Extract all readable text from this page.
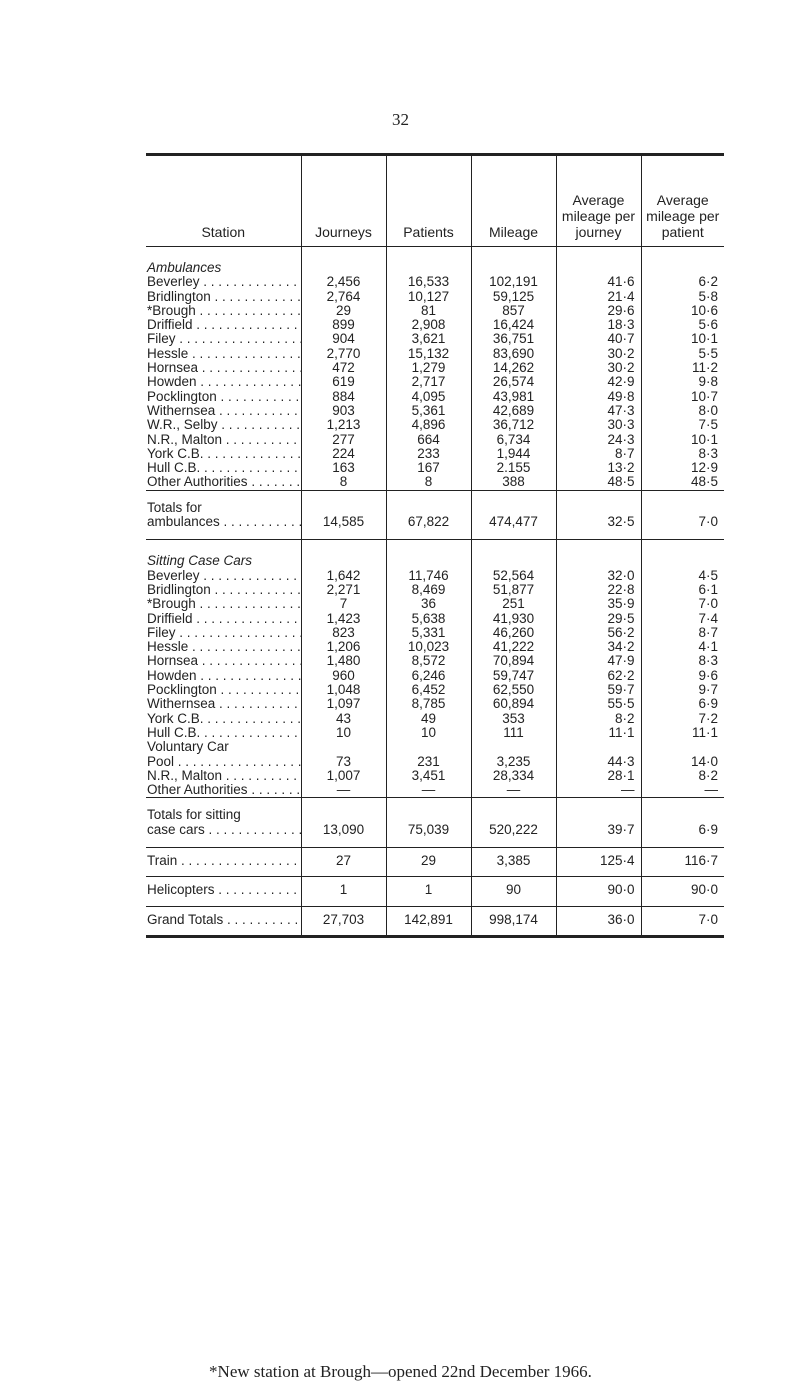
32
Station	Journeys	Patients	Mileage	Average mileage per journey	Average mileage per patient
Ambulances					
Beverley . . .	2,456	16,533	102,191	41·6	6·2
Bridlington . . .	2,764	10,127	59,125	21·4	5·8
*Brough . . .	29	81	857	29·6	10·6
Driffield . . .	899	2,908	16,424	18·3	5·6
Filey . . .	904	3,621	36,751	40·7	10·1
Hessle . . .	2,770	15,132	83,690	30·2	5·5
Hornsea . . .	472	1,279	14,262	30·2	11·2
Howden . . .	619	2,717	26,574	42·9	9·8
Pocklington . . .	884	4,095	43,981	49·8	10·7
Withernsea . . .	903	5,361	42,689	47·3	8·0
W.R., Selby . . .	1,213	4,896	36,712	30·3	7·5
N.R., Malton . . .	277	664	6,734	24·3	10·1
York C.B. . . .	224	233	1,944	8·7	8·3
Hull C.B. . . .	163	167	2.155	13·2	12·9
Other Authorities . . .	8	8	388	48·5	48·5
Totals for					
ambulances . . .	14,585	67,822	474,477	32·5	7·0
Sitting Case Cars					
Beverley . . .	1,642	11,746	52,564	32·0	4·5
Bridlington . . .	2,271	8,469	51,877	22·8	6·1
*Brough . . .	7	36	251	35·9	7·0
Driffield . . .	1,423	5,638	41,930	29·5	7·4
Filey . . .	823	5,331	46,260	56·2	8·7
Hessle . . .	1,206	10,023	41,222	34·2	4·1
Hornsea . . .	1,480	8,572	70,894	47·9	8·3
Howden . . .	960	6,246	59,747	62·2	9·6
Pocklington . . .	1,048	6,452	62,550	59·7	9·7
Withernsea . . .	1,097	8,785	60,894	55·5	6·9
York C.B. . . .	43	49	353	8·2	7·2
Hull C.B. . . .	10	10	111	11·1	11·1
Voluntary Car					
Pool . . .	73	231	3,235	44·3	14·0
N.R., Malton . . .	1,007	3,451	28,334	28·1	8·2
Other Authorities . . .	—	—	—	—	—
Totals for sitting					
case cars . . .	13,090	75,039	520,222	39·7	6·9
Train . . .	27	29	3,385	125·4	116·7
Helicopters . . .	1	1	90	90·0	90·0
Grand Totals . . .	27,703	142,891	998,174	36·0	7·0
*New station at Brough—opened 22nd December 1966.
